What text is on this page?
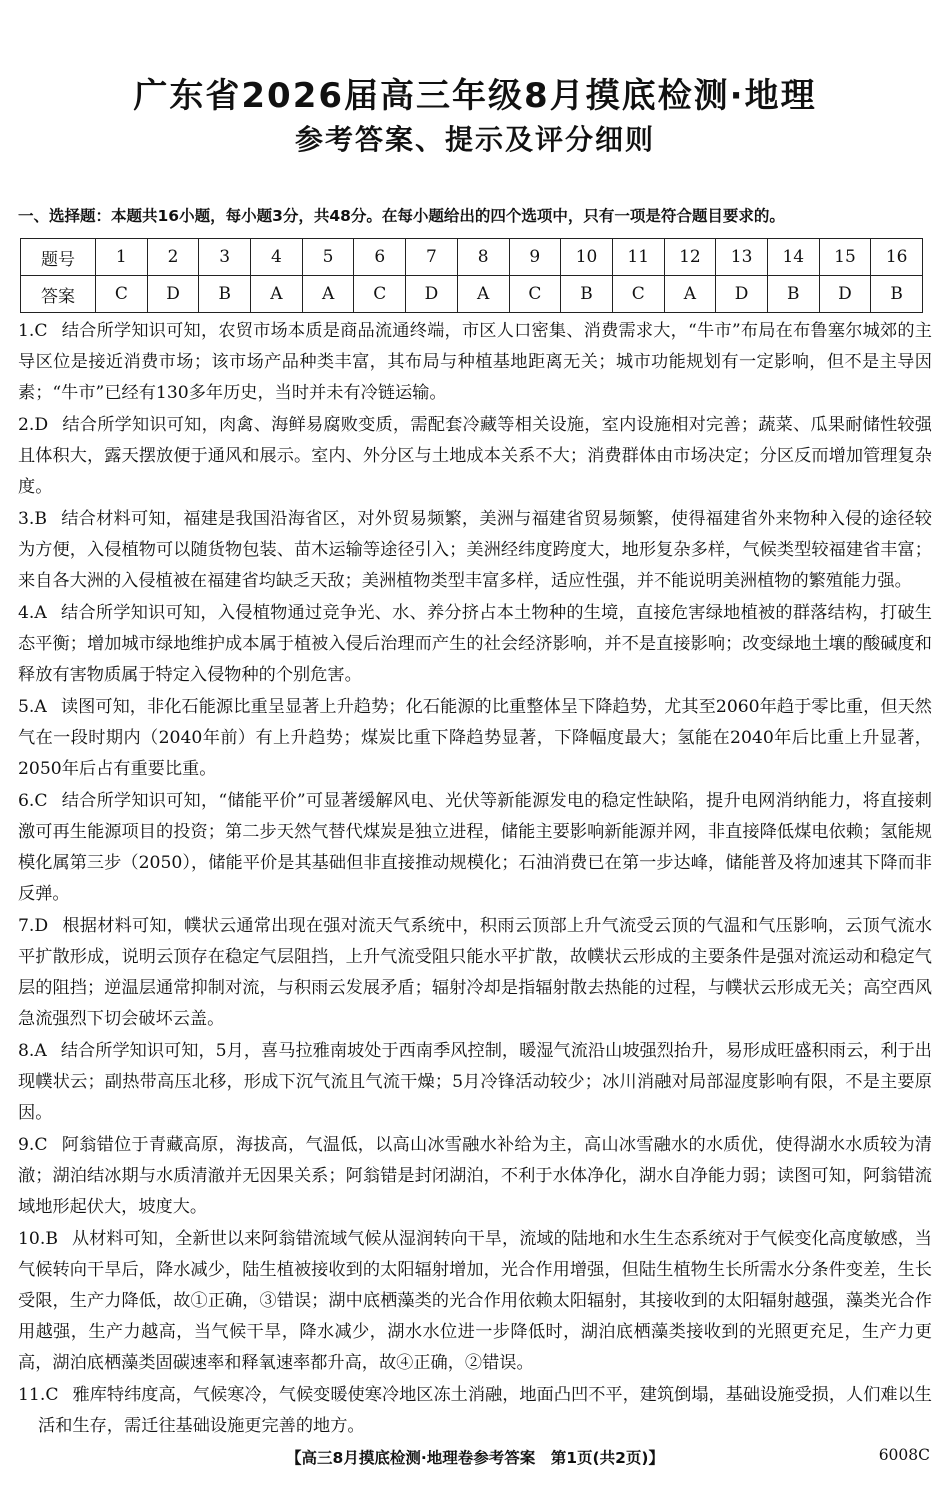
广东省2026届高三年级8月摸底检测·地理
参考答案、提示及评分细则
一、选择题：本题共16小题，每小题3分，共48分。在每小题给出的四个选项中，只有一项是符合题目要求的。
题号	1	2	3	4	5	6	7	8	9	10	11	12	13	14	15	16
答案	C	D	B	A	A	C	D	A	C	B	C	A	D	B	D	B

1.C 结合所学知识可知，农贸市场本质是商品流通终端，市区人口密集、消费需求大，“牛市”布局在布鲁塞尔城郊的主导区位是接近消费市场；该市场产品种类丰富，其布局与种植基地距离无关；城市功能规划有一定影响，但不是主导因素；“牛市”已经有130多年历史，当时并未有冷链运输。

2.D 结合所学知识可知，肉禽、海鲜易腐败变质，需配套冷藏等相关设施，室内设施相对完善；蔬菜、瓜果耐储性较强且体积大，露天摆放便于通风和展示。室内、外分区与土地成本关系不大；消费群体由市场决定；分区反而增加管理复杂度。

3.B 结合材料可知，福建是我国沿海省区，对外贸易频繁，美洲与福建省贸易频繁，使得福建省外来物种入侵的途径较为方便，入侵植物可以随货物包装、苗木运输等途径引入；美洲经纬度跨度大，地形复杂多样，气候类型较福建省丰富；来自各大洲的入侵植被在福建省均缺乏天敌；美洲植物类型丰富多样，适应性强，并不能说明美洲植物的繁殖能力强。

4.A 结合所学知识可知，入侵植物通过竞争光、水、养分挤占本土物种的生境，直接危害绿地植被的群落结构，打破生态平衡；增加城市绿地维护成本属于植被入侵后治理而产生的社会经济影响，并不是直接影响；改变绿地土壤的酸碱度和释放有害物质属于特定入侵物种的个别危害。

5.A 读图可知，非化石能源比重呈显著上升趋势；化石能源的比重整体呈下降趋势，尤其至2060年趋于零比重，但天然气在一段时期内（2040年前）有上升趋势；煤炭比重下降趋势显著，下降幅度最大；氢能在2040年后比重上升显著，2050年后占有重要比重。

6.C 结合所学知识可知，“储能平价”可显著缓解风电、光伏等新能源发电的稳定性缺陷，提升电网消纳能力，将直接刺激可再生能源项目的投资；第二步天然气替代煤炭是独立进程，储能主要影响新能源并网，非直接降低煤电依赖；氢能规模化属第三步（2050），储能平价是其基础但非直接推动规模化；石油消费已在第一步达峰，储能普及将加速其下降而非反弹。

7.D 根据材料可知，幞状云通常出现在强对流天气系统中，积雨云顶部上升气流受云顶的气温和气压影响，云顶气流水平扩散形成，说明云顶存在稳定气层阻挡，上升气流受阻只能水平扩散，故幞状云形成的主要条件是强对流运动和稳定气层的阻挡；逆温层通常抑制对流，与积雨云发展矛盾；辐射冷却是指辐射散去热能的过程，与幞状云形成无关；高空西风急流强烈下切会破坏云盖。

8.A 结合所学知识可知，5月，喜马拉雅南坡处于西南季风控制，暖湿气流沿山坡强烈抬升，易形成旺盛积雨云，利于出现幞状云；副热带高压北移，形成下沉气流且气流干燥；5月冷锋活动较少；冰川消融对局部湿度影响有限，不是主要原因。

9.C 阿翁错位于青藏高原，海拔高，气温低，以高山冰雪融水补给为主，高山冰雪融水的水质优，使得湖水水质较为清澈；湖泊结冰期与水质清澈并无因果关系；阿翁错是封闭湖泊，不利于水体净化，湖水自净能力弱；读图可知，阿翁错流域地形起伏大，坡度大。

10.B 从材料可知，全新世以来阿翁错流域气候从湿润转向干旱，流域的陆地和水生生态系统对于气候变化高度敏感，当气候转向干旱后，降水减少，陆生植被接收到的太阳辐射增加，光合作用增强，但陆生植物生长所需水分条件变差，生长受限，生产力降低，故①正确，③错误；湖中底栖藻类的光合作用依赖太阳辐射，其接收到的太阳辐射越强，藻类光合作用越强，生产力越高，当气候干旱，降水减少，湖水水位进一步降低时，湖泊底栖藻类接收到的光照更充足，生产力更高，湖泊底栖藻类固碳速率和释氧速率都升高，故④正确，②错误。

11.C 雅库特纬度高，气候寒冷，气候变暖使寒冷地区冻土消融，地面凸凹不平，建筑倒塌，基础设施受损，人们难以生活和生存，需迁往基础设施更完善的地方。

【高三8月摸底检测·地理卷参考答案　第1页(共2页)】	6008C
